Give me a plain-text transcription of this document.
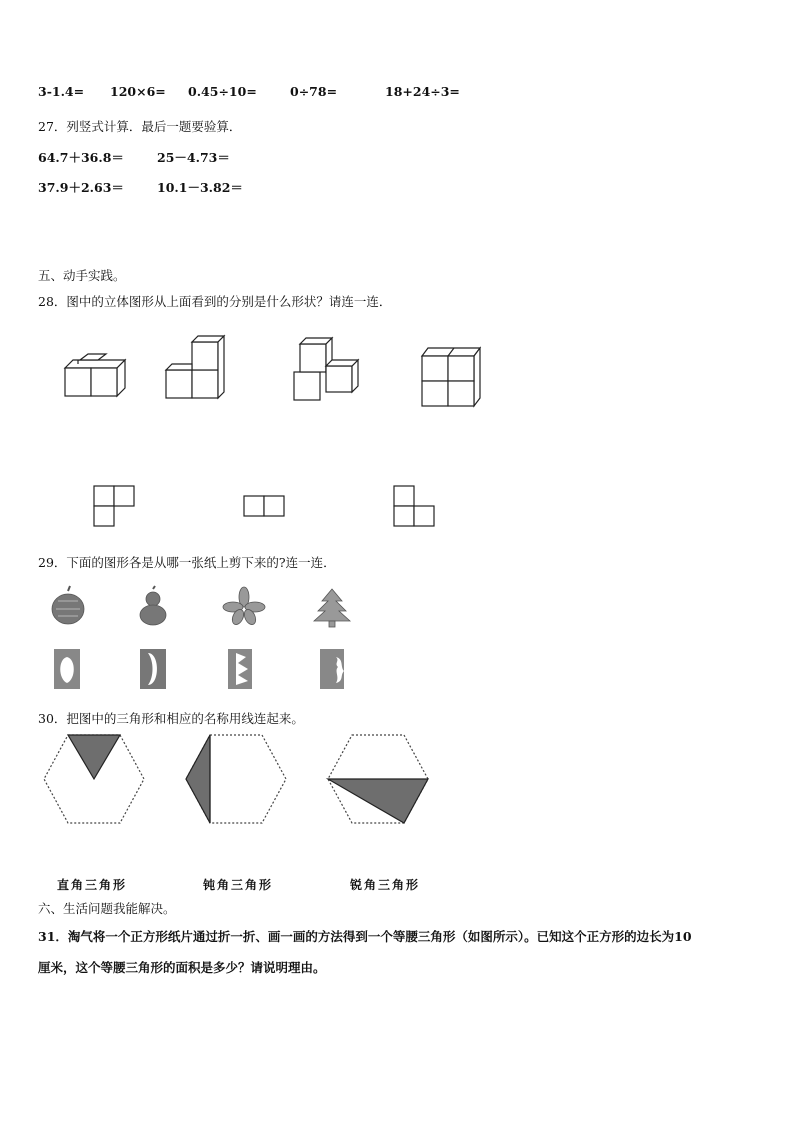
3-1.4= 120×6= 0.45÷10=	0÷78=	18+24÷3=
27．列竖式计算．最后一题要验算．
64.7＋36.8＝	25－4.73＝
37.9＋2.63＝	10.1－3.82＝
五、动手实践。
28．图中的立体图形从上面看到的分别是什么形状？请连一连．
29．下面的图形各是从哪一张纸上剪下来的?连一连．
30．把图中的三角形和相应的名称用线连起来。
直角三角形	钝角三角形	锐角三角形
六、生活问题我能解决。
31．淘气将一个正方形纸片通过折一折、画一画的方法得到一个等腰三角形（如图所示）。已知这个正方形的边长为10
厘米，这个等腰三角形的面积是多少？请说明理由。
